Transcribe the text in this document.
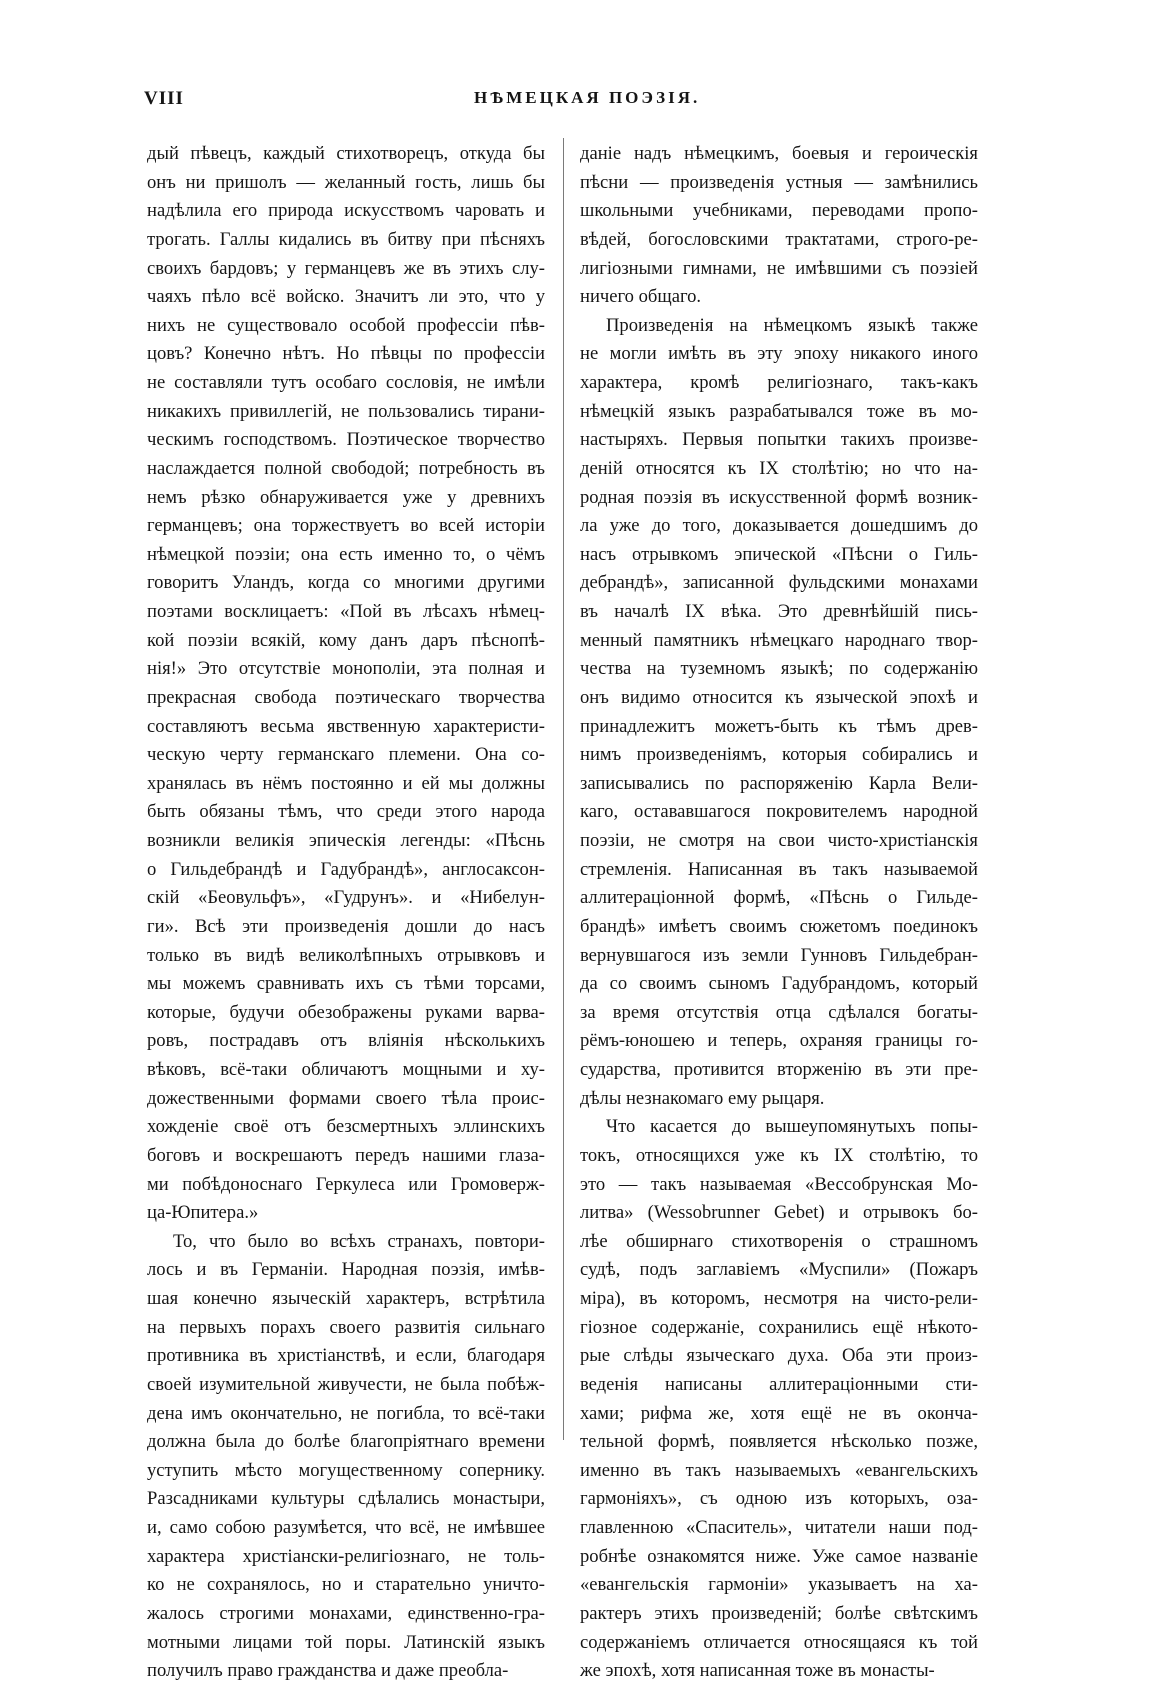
VIII	НѢМЕЦКАЯ ПОЭЗІЯ.
дый пѣвецъ, каждый стихотворецъ, откуда бы
онъ ни пришолъ — желанный гость, лишь бы
надѣлила его природа искусствомъ чаровать и
трогать. Галлы кидались въ битву при пѣсняхъ
своихъ бардовъ; у германцевъ же въ этихъ слу-
чаяхъ пѣло всё войско. Значитъ ли это, что у
нихъ не существовало особой профессіи пѣв-
цовъ? Конечно нѣтъ. Но пѣвцы по профессіи
не составляли тутъ особаго сословія, не имѣли
никакихъ привиллегій, не пользовались тирани-
ческимъ господствомъ. Поэтическое творчество
наслаждается полной свободой; потребность въ
немъ рѣзко обнаруживается уже у древнихъ
германцевъ; она торжествуетъ во всей исторіи
нѣмецкой поэзіи; она есть именно то, о чёмъ
говоритъ Уландъ, когда со многими другими
поэтами восклицаетъ: «Пой въ лѣсахъ нѣмец-
кой поэзіи всякій, кому данъ даръ пѣснопѣ-
нія!» Это отсутствіе монополіи, эта полная и
прекрасная свобода поэтическаго творчества
составляютъ весьма явственную характеристи-
ческую черту германскаго племени. Она со-
хранялась въ нёмъ постоянно и ей мы должны
быть обязаны тѣмъ, что среди этого народа
возникли великія эпическія легенды: «Пѣснь
о Гильдебрандѣ и Гадубрандѣ», англосаксон-
скій «Беовульфъ», «Гудрунъ». и «Нибелун-
ги». Всѣ эти произведенія дошли до насъ
только въ видѣ великолѣпныхъ отрывковъ и
мы можемъ сравнивать ихъ съ тѣми торсами,
которые, будучи обезображены руками варва-
ровъ, пострадавъ отъ вліянія нѣсколькихъ
вѣковъ, всё-таки обличаютъ мощными и ху-
дожественными формами своего тѣла проис-
хожденіе своё отъ безсмертныхъ эллинскихъ
боговъ и воскрешаютъ передъ нашими глаза-
ми побѣдоноснаго Геркулеса или Громоверж-
ца-Юпитера.»
То, что было во всѣхъ странахъ, повтори-
лось и въ Германіи. Народная поэзія, имѣв-
шая конечно языческій характеръ, встрѣтила
на первыхъ порахъ своего развитія сильнаго
противника въ христіанствѣ, и если, благодаря
своей изумительной живучести, не была побѣж-
дена имъ окончательно, не погибла, то всё-таки
должна была до болѣе благопріятнаго времени
уступить мѣсто могущественному сопернику.
Разсадниками культуры сдѣлались монастыри,
и, само собою разумѣется, что всё, не имѣвшее
характера христіански-религіознаго, не толь-
ко не сохранялось, но и старательно уничто-
жалось строгими монахами, единственно-гра-
мотными лицами той поры. Латинскій языкъ
получилъ право гражданства и даже преобла-
даніе надъ нѣмецкимъ, боевыя и героическія
пѣсни — произведенія устныя — замѣнились
школьными учебниками, переводами пропо-
вѣдей, богословскими трактатами, строго-ре-
лигіозными гимнами, не имѣвшими съ поэзіей
ничего общаго.
Произведенія на нѣмецкомъ языкѣ также
не могли имѣть въ эту эпоху никакого иного
характера, кромѣ религіознаго, такъ-какъ
нѣмецкій языкъ разрабатывался тоже въ мо-
настыряхъ. Первыя попытки такихъ произве-
деній относятся къ IX столѣтію; но что на-
родная поэзія въ искусственной формѣ возник-
ла уже до того, доказывается дошедшимъ до
насъ отрывкомъ эпической «Пѣсни о Гиль-
дебрандѣ», записанной фульдскими монахами
въ началѣ IX вѣка. Это древнѣйшій пись-
менный памятникъ нѣмецкаго народнаго твор-
чества на туземномъ языкѣ; по содержанію
онъ видимо относится къ языческой эпохѣ и
принадлежитъ можетъ-быть къ тѣмъ древ-
нимъ произведеніямъ, которыя собирались и
записывались по распоряженію Карла Вели-
каго, остававшагося покровителемъ народной
поэзіи, не смотря на свои чисто-христіанскія
стремленія. Написанная въ такъ называемой
аллитераціонной формѣ, «Пѣснь о Гильде-
брандѣ» имѣетъ своимъ сюжетомъ поединокъ
вернувшагося изъ земли Гунновъ Гильдебран-
да со своимъ сыномъ Гадубрандомъ, который
за время отсутствія отца сдѣлался богаты-
рёмъ-юношею и теперь, охраняя границы го-
сударства, противится вторженію въ эти пре-
дѣлы незнакомаго ему рыцаря.
Что касается до вышеупомянутыхъ попы-
токъ, относящихся уже къ IX столѣтію, то
это — такъ называемая «Вессобрунская Мо-
литва» (Wessobrunner Gebet) и отрывокъ бо-
лѣе обширнаго стихотворенія о страшномъ
судѣ, подъ заглавіемъ «Муспили» (Пожаръ
міра), въ которомъ, несмотря на чисто-рели-
гіозное содержаніе, сохранились ещё нѣкото-
рые слѣды языческаго духа. Оба эти произ-
веденія написаны аллитераціонными сти-
хами; рифма же, хотя ещё не въ оконча-
тельной формѣ, появляется нѣсколько позже,
именно въ такъ называемыхъ «евангельскихъ
гармоніяхъ», съ одною изъ которыхъ, оза-
главленною «Спаситель», читатели наши под-
робнѣе ознакомятся ниже. Уже самое названіе
«евангельскія гармоніи» указываетъ на ха-
рактеръ этихъ произведеній; болѣе свѣтскимъ
содержаніемъ отличается относящаяся къ той
же эпохѣ, хотя написанная тоже въ монасты-
